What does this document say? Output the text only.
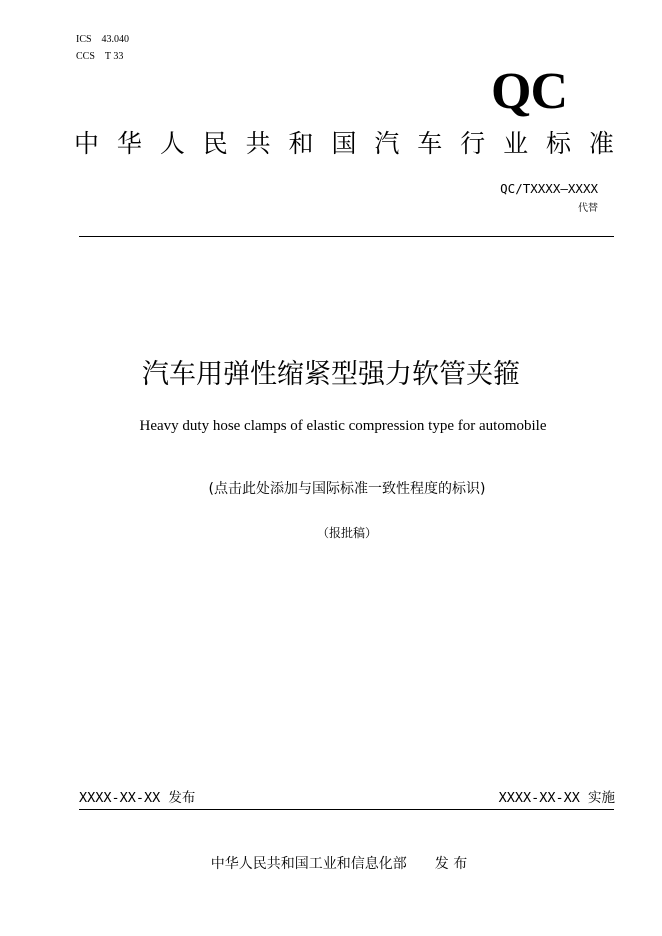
ICS　43.040
CCS　T 33
QC
中 华 人 民 共 和 国 汽 车 行 业 标 准
QC/TXXXX—XXXX
代替
汽车用弹性缩紧型强力软管夹箍
Heavy duty hose clamps of elastic compression type for automobile
(点击此处添加与国际标准一致性程度的标识)
（报批稿）
XXXX-XX-XX 发布	XXXX-XX-XX 实施
中华人民共和国工业和信息化部　　发 布
